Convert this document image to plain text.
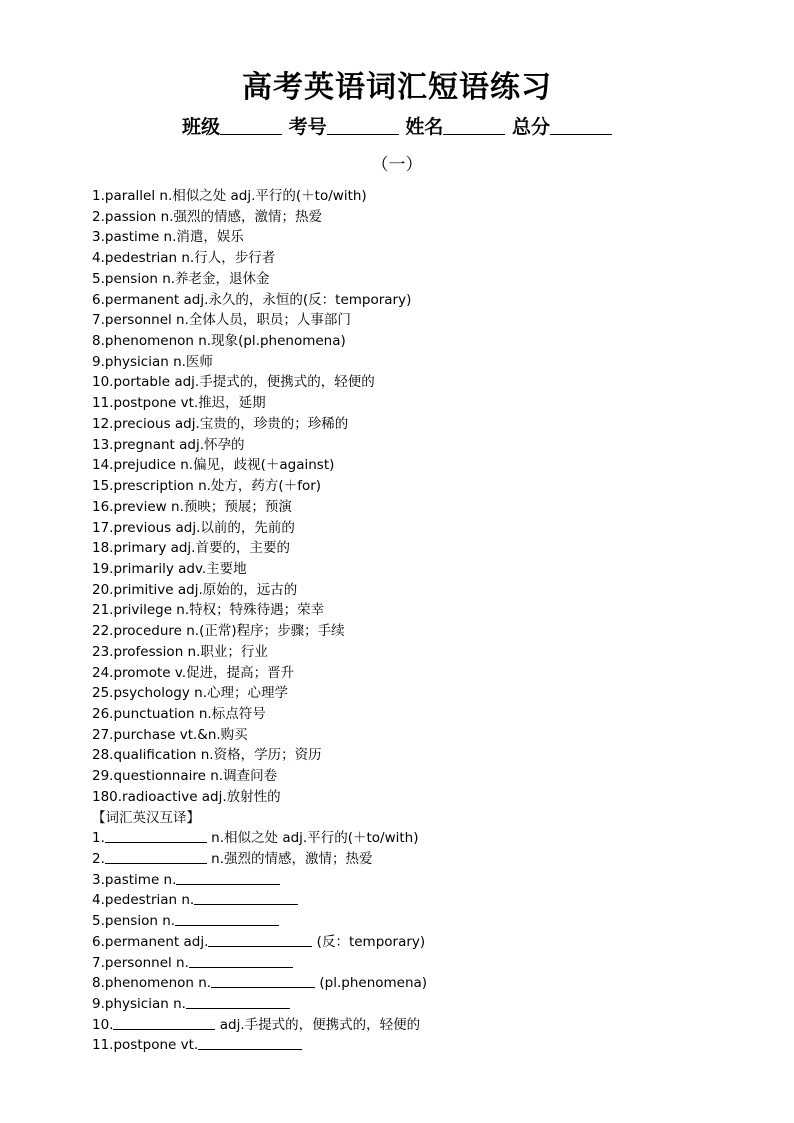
高考英语词汇短语练习
班级	考号	姓名	总分
（一）
1.parallel n.相似之处 adj.平行的(＋to/with)
2.passion n.强烈的情感，激情；热爱
3.pastime n.消遣，娱乐
4.pedestrian n.行人，步行者
5.pension n.养老金，退休金
6.permanent adj.永久的，永恒的(反：temporary)
7.personnel n.全体人员，职员；人事部门
8.phenomenon n.现象(pl.phenomena)
9.physician n.医师
10.portable adj.手提式的，便携式的，轻便的
11.postpone vt.推迟，延期
12.precious adj.宝贵的，珍贵的；珍稀的
13.pregnant adj.怀孕的
14.prejudice n.偏见，歧视(＋against)
15.prescription n.处方，药方(＋for)
16.preview n.预映；预展；预演
17.previous adj.以前的，先前的
18.primary adj.首要的，主要的
19.primarily adv.主要地
20.primitive adj.原始的，远古的
21.privilege n.特权；特殊待遇；荣幸
22.procedure n.(正常)程序；步骤；手续
23.profession n.职业；行业
24.promote v.促进，提高；晋升
25.psychology n.心理；心理学
26.punctuation n.标点符号
27.purchase vt.&n.购买
28.qualification n.资格，学历；资历
29.questionnaire n.调查问卷
180.radioactive adj.放射性的
【词汇英汉互译】
1.	n.相似之处 adj.平行的(＋to/with)
2.	n.强烈的情感，激情；热爱
3.pastime n.
4.pedestrian n.
5.pension n.
6.permanent adj.	(反：temporary)
7.personnel n.
8.phenomenon n.	(pl.phenomena)
9.physician n.
10.	adj.手提式的，便携式的，轻便的
11.postpone vt.
